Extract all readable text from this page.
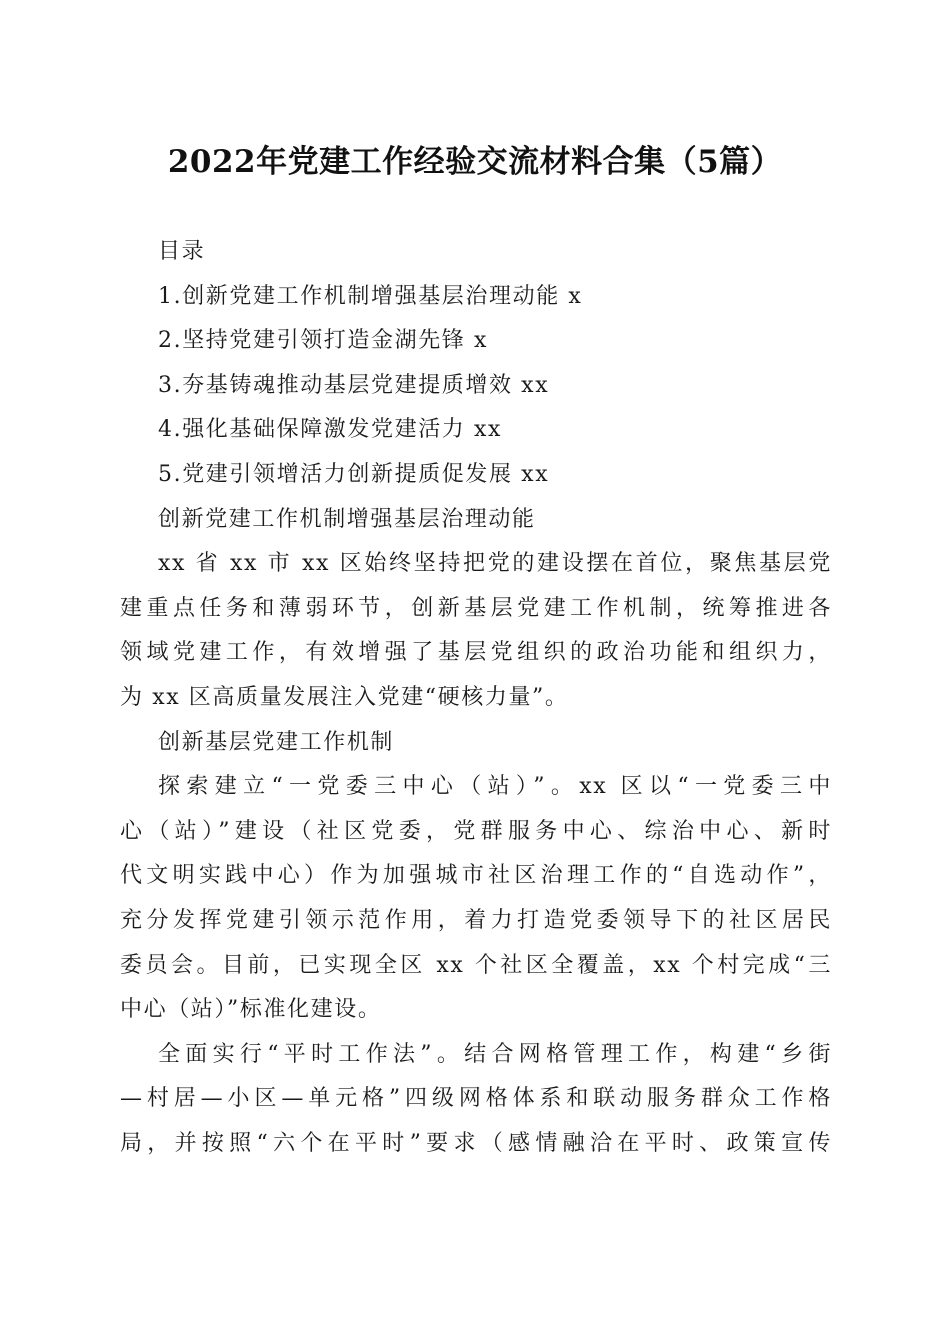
2022年党建工作经验交流材料合集（5篇）
目录
1.创新党建工作机制增强基层治理动能 x
2.坚持党建引领打造金湖先锋 x
3.夯基铸魂推动基层党建提质增效 xx
4.强化基础保障激发党建活力 xx
5.党建引领增活力创新提质促发展 xx
创新党建工作机制增强基层治理动能
xx 省 xx 市 xx 区始终坚持把党的建设摆在首位，聚焦基层党
建重点任务和薄弱环节，创新基层党建工作机制，统筹推进各
领域党建工作，有效增强了基层党组织的政治功能和组织力，
为 xx 区高质量发展注入党建“硬核力量”。
创新基层党建工作机制
探索建立“一党委三中心（站）”。xx 区以“一党委三中
心（站）”建设（社区党委，党群服务中心、综治中心、新时
代文明实践中心）作为加强城市社区治理工作的“自选动作”，
充分发挥党建引领示范作用，着力打造党委领导下的社区居民
委员会。目前，已实现全区 xx 个社区全覆盖，xx 个村完成“三
中心（站）”标准化建设。
全面实行“平时工作法”。结合网格管理工作，构建“乡街
—村居—小区—单元格”四级网格体系和联动服务群众工作格
局，并按照“六个在平时”要求（感情融洽在平时、政策宣传
